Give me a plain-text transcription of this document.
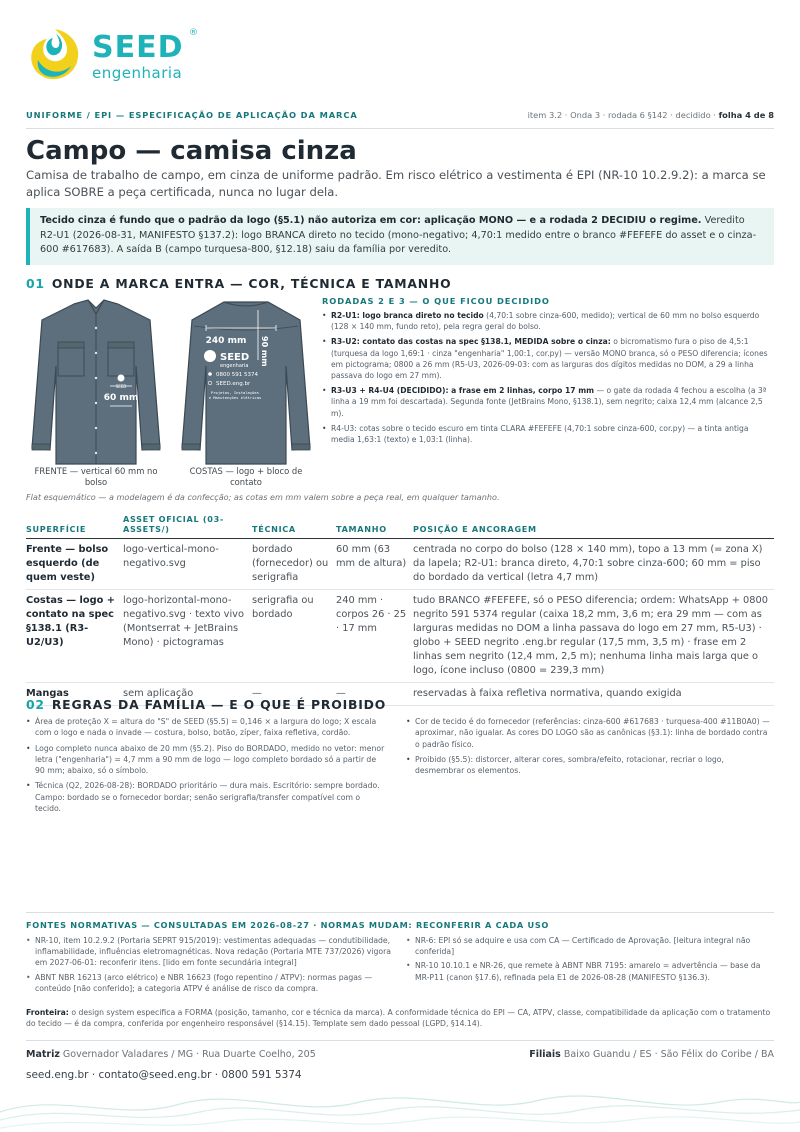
SEED ®
engenharia
UNIFORME / EPI — ESPECIFICAÇÃO DE APLICAÇÃO DA MARCA	item 3.2 · Onda 3 · rodada 6 §142 · decidido · folha 4 de 8
Campo — camisa cinza

Camisa de trabalho de campo, em cinza de uniforme padrão. Em risco elétrico a vestimenta é EPI (NR-10 10.2.9.2): a marca se aplica SOBRE a peça certificada, nunca no lugar dela.

Tecido cinza é fundo que o padrão da logo (§5.1) não autoriza em cor: aplicação MONO — e a rodada 2 DECIDIU o regime. Veredito R2-U1 (2026-08-31, MANIFESTO §137.2): logo BRANCA direto no tecido (mono-negativo; 4,70:1 medido entre o branco #FEFEFE do asset e o cinza-600 #617683). A saída B (campo turquesa-800, §12.18) saiu da família por veredito.
01 ONDE A MARCA ENTRA — COR, TÉCNICA E TAMANHO
SEED
60 mm
FRENTE — vertical 60 mm no bolso
240 mm 90 mm
SEED
engenharia
0800 591 5374
SEED.eng.br
Projetos, Instalações
e Manutenções elétricas
COSTAS — logo + bloco de contato
RODADAS 2 E 3 — O QUE FICOU DECIDIDO
• R2-U1: logo branca direto no tecido (4,70:1 sobre cinza-600, medido); vertical de 60 mm no bolso esquerdo (128 × 140 mm, fundo reto), pela regra geral do bolso.
• R3-U2: contato das costas na spec §138.1, MEDIDA sobre o cinza: o bicromatismo fura o piso de 4,5:1 (turquesa da logo 1,69:1 · cinza "engenharia" 1,00:1, cor.py) — versão MONO branca, só o PESO diferencia; ícones em pictograma; 0800 a 26 mm (R5-U3, 2026-09-03: com as larguras dos dígitos medidas no DOM, a 29 a linha passava do logo em 27 mm).
• R3-U3 + R4-U4 (DECIDIDO): a frase em 2 linhas, corpo 17 mm — o gate da rodada 4 fechou a escolha (a 3ª linha a 19 mm foi descartada). Segunda fonte (JetBrains Mono, §138.1), sem negrito; caixa 12,4 mm (alcance 2,5 m).
• R4-U3: cotas sobre o tecido escuro em tinta CLARA #FEFEFE (4,70:1 sobre cinza-600, cor.py) — a tinta antiga media 1,63:1 (texto) e 1,03:1 (linha).
Flat esquemático — a modelagem é da confecção; as cotas em mm valem sobre a peça real, em qualquer tamanho.
SUPERFÍCIE	ASSET OFICIAL (03-ASSETS/)	TÉCNICA	TAMANHO	POSIÇÃO E ANCORAGEM
Frente — bolso esquerdo (de quem veste)	logo-vertical-mono-negativo.svg	bordado (fornecedor) ou serigrafia	60 mm (63 mm de altura)	centrada no corpo do bolso (128 × 140 mm), topo a 13 mm (= zona X) da lapela; R2-U1: branca direto, 4,70:1 sobre cinza-600; 60 mm = piso do bordado da vertical (letra 4,7 mm)
Costas — logo + contato na spec §138.1 (R3-U2/U3)	logo-horizontal-mono-negativo.svg · texto vivo (Montserrat + JetBrains Mono) · pictogramas	serigrafia ou bordado	240 mm · corpos 26 · 25 · 17 mm	tudo BRANCO #FEFEFE, só o PESO diferencia; ordem: WhatsApp + 0800 negrito 591 5374 regular (caixa 18,2 mm, 3,6 m; era 29 mm — com as larguras medidas no DOM a linha passava do logo em 27 mm, R5-U3) · globo + SEED negrito .eng.br regular (17,5 mm, 3,5 m) · frase em 2 linhas sem negrito (12,4 mm, 2,5 m); nenhuma linha mais larga que o logo, ícone incluso (0800 = 239,3 mm)
Mangas	sem aplicação	—	—	reservadas à faixa refletiva normativa, quando exigida
02 REGRAS DA FAMÍLIA — E O QUE É PROIBIDO
• Área de proteção X = altura do "S" de SEED (§5.5) = 0,146 × a largura do logo; X escala com o logo e nada o invade — costura, bolso, botão, zíper, faixa refletiva, cordão.
• Logo completo nunca abaixo de 20 mm (§5.2). Piso do BORDADO, medido no vetor: menor letra ("engenharia") = 4,7 mm a 90 mm de logo — logo completo bordado só a partir de 90 mm; abaixo, só o símbolo.
• Técnica (Q2, 2026-08-28): BORDADO prioritário — dura mais. Escritório: sempre bordado. Campo: bordado se o fornecedor bordar; senão serigrafia/transfer compatível com o tecido.
• Cor de tecido é do fornecedor (referências: cinza-600 #617683 · turquesa-400 #11B0A0) — aproximar, não igualar. As cores DO LOGO são as canônicas (§3.1): linha de bordado contra o padrão físico.
• Proibido (§5.5): distorcer, alterar cores, sombra/efeito, rotacionar, recriar o logo, desmembrar os elementos.
FONTES NORMATIVAS — CONSULTADAS EM 2026-08-27 · NORMAS MUDAM: RECONFERIR A CADA USO
• NR-10, item 10.2.9.2 (Portaria SEPRT 915/2019): vestimentas adequadas — condutibilidade, inflamabilidade, influências eletromagnéticas. Nova redação (Portaria MTE 737/2026) vigora em 2027-06-01: reconferir itens. [lido em fonte secundária integral]
• ABNT NBR 16213 (arco elétrico) e NBR 16623 (fogo repentino / ATPV): normas pagas — conteúdo [não conferido]; a categoria ATPV é análise de risco da compra.
• NR-6: EPI só se adquire e usa com CA — Certificado de Aprovação. [leitura integral não conferida]
• NR-10 10.10.1 e NR-26, que remete à ABNT NBR 7195: amarelo = advertência — base da MR-P11 (canon §17.6), refinada pela E1 de 2026-08-28 (MANIFESTO §136.3).
Fronteira: o design system especifica a FORMA (posição, tamanho, cor e técnica da marca). A conformidade técnica do EPI — CA, ATPV, classe, compatibilidade da aplicação com o tratamento do tecido — é da compra, conferida por engenheiro responsável (§14.15). Template sem dado pessoal (LGPD, §14.14).
Matriz Governador Valadares / MG · Rua Duarte Coelho, 205	Filiais Baixo Guandu / ES · São Félix do Coribe / BA
seed.eng.br · contato@seed.eng.br · 0800 591 5374
